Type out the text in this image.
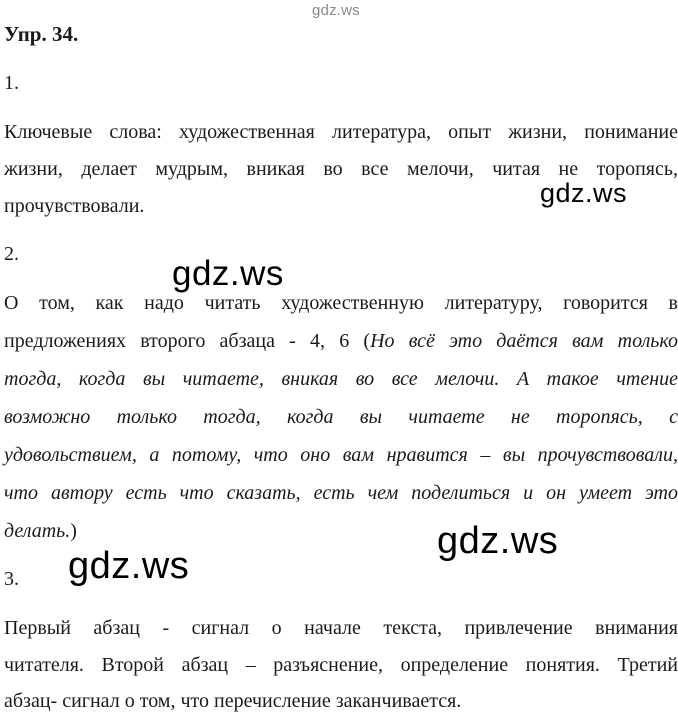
gdz.ws
Упр. 34.
1.
Ключевые слова: художественная литература, опыт жизни, понимание
жизни, делает мудрым, вникая во все мелочи, читая не торопясь,
прочувствовали.
2.
О том, как надо читать художественную литературу, говорится в
предложениях второго абзаца - 4, 6 (Но всё это даётся вам только
тогда, когда вы читаете, вникая во все мелочи. А такое чтение
возможно только тогда, когда вы читаете не торопясь, с
удовольствием, а потому, что оно вам нравится – вы прочувствовали,
что автору есть что сказать, есть чем поделиться и он умеет это
делать.)
3.
Первый абзац - сигнал о начале текста, привлечение внимания
читателя. Второй абзац – разъяснение, определение понятия. Третий
абзац- сигнал о том, что перечисление заканчивается.
gdz.ws
gdz.ws
gdz.ws
gdz.ws
